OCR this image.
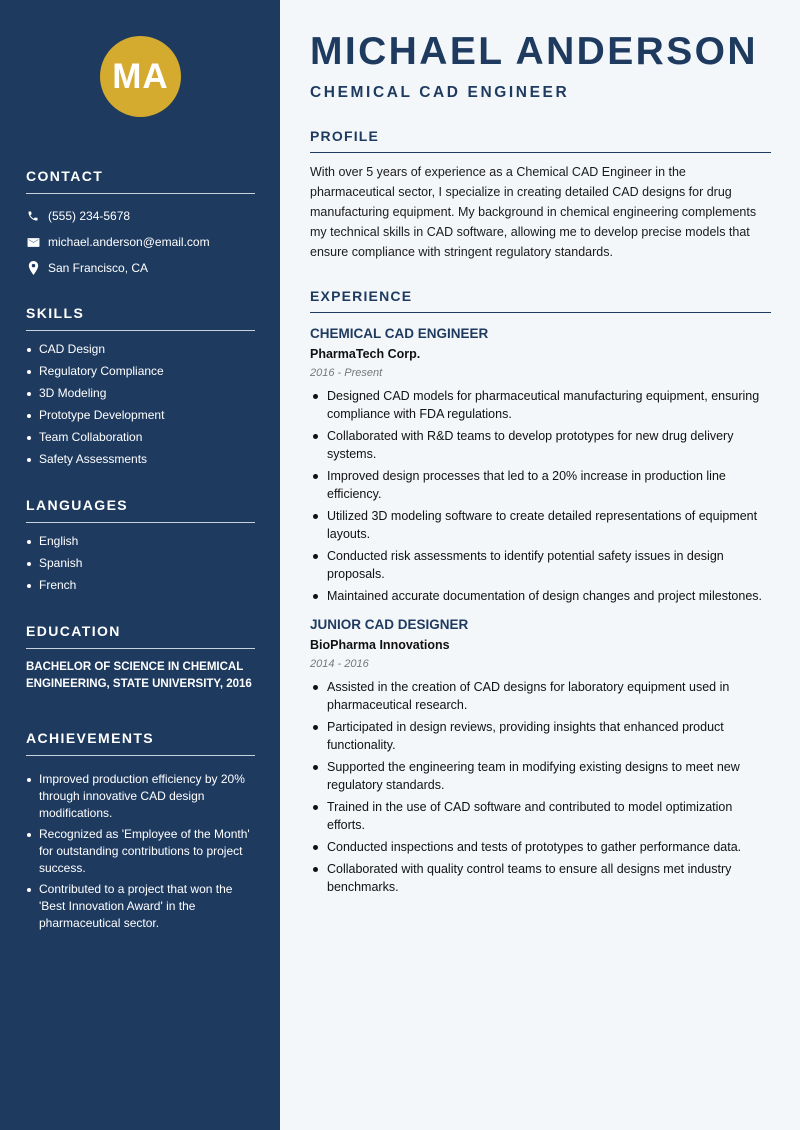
MA
CONTACT
(555) 234-5678
michael.anderson@email.com
San Francisco, CA
SKILLS
CAD Design
Regulatory Compliance
3D Modeling
Prototype Development
Team Collaboration
Safety Assessments
LANGUAGES
English
Spanish
French
EDUCATION
BACHELOR OF SCIENCE IN CHEMICAL ENGINEERING, STATE UNIVERSITY, 2016
ACHIEVEMENTS
Improved production efficiency by 20% through innovative CAD design modifications.
Recognized as 'Employee of the Month' for outstanding contributions to project success.
Contributed to a project that won the 'Best Innovation Award' in the pharmaceutical sector.
MICHAEL ANDERSON
CHEMICAL CAD ENGINEER
PROFILE

With over 5 years of experience as a Chemical CAD Engineer in the pharmaceutical sector, I specialize in creating detailed CAD designs for drug manufacturing equipment. My background in chemical engineering complements my technical skills in CAD software, allowing me to develop precise models that ensure compliance with stringent regulatory standards.

EXPERIENCE
CHEMICAL CAD ENGINEER
PharmaTech Corp.
2016 - Present
Designed CAD models for pharmaceutical manufacturing equipment, ensuring compliance with FDA regulations.
Collaborated with R&D teams to develop prototypes for new drug delivery systems.
Improved design processes that led to a 20% increase in production line efficiency.
Utilized 3D modeling software to create detailed representations of equipment layouts.
Conducted risk assessments to identify potential safety issues in design proposals.
Maintained accurate documentation of design changes and project milestones.
JUNIOR CAD DESIGNER
BioPharma Innovations
2014 - 2016
Assisted in the creation of CAD designs for laboratory equipment used in pharmaceutical research.
Participated in design reviews, providing insights that enhanced product functionality.
Supported the engineering team in modifying existing designs to meet new regulatory standards.
Trained in the use of CAD software and contributed to model optimization efforts.
Conducted inspections and tests of prototypes to gather performance data.
Collaborated with quality control teams to ensure all designs met industry benchmarks.
